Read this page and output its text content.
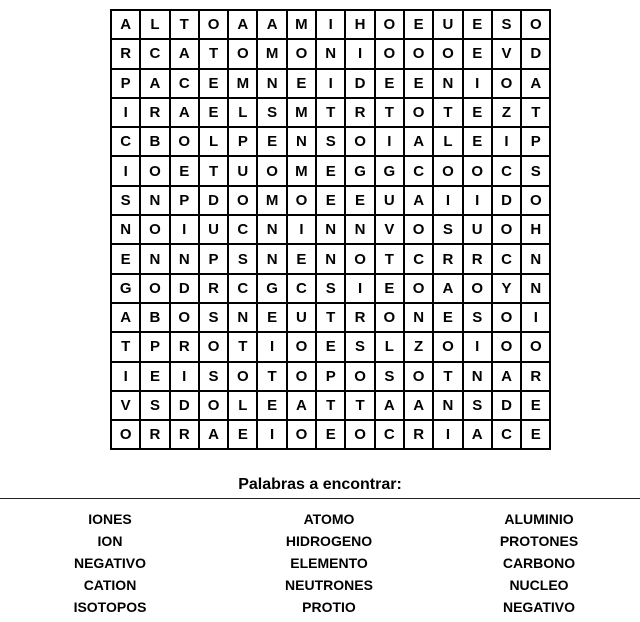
A	L	T	O	A	A	M	I	H	O	E	U	E	S	O
R	C	A	T	O	M	O	N	I	O	O	O	E	V	D
P	A	C	E	M	N	E	I	D	E	E	N	I	O	A
I	R	A	E	L	S	M	T	R	T	O	T	E	Z	T
C	B	O	L	P	E	N	S	O	I	A	L	E	I	P
I	O	E	T	U	O	M	E	G	G	C	O	O	C	S
S	N	P	D	O	M	O	E	E	U	A	I	I	D	O
N	O	I	U	C	N	I	N	N	V	O	S	U	O	H
E	N	N	P	S	N	E	N	O	T	C	R	R	C	N
G	O	D	R	C	G	C	S	I	E	O	A	O	Y	N
A	B	O	S	N	E	U	T	R	O	N	E	S	O	I
T	P	R	O	T	I	O	E	S	L	Z	O	I	O	O
I	E	I	S	O	T	O	P	O	S	O	T	N	A	R
V	S	D	O	L	E	A	T	T	A	A	N	S	D	E
O	R	R	A	E	I	O	E	O	C	R	I	A	C	E
Palabras a encontrar:
IONES
ION
NEGATIVO
CATION
ISOTOPOS
ATOMO
HIDROGENO
ELEMENTO
NEUTRONES
PROTIO
ALUMINIO
PROTONES
CARBONO
NUCLEO
NEGATIVO
